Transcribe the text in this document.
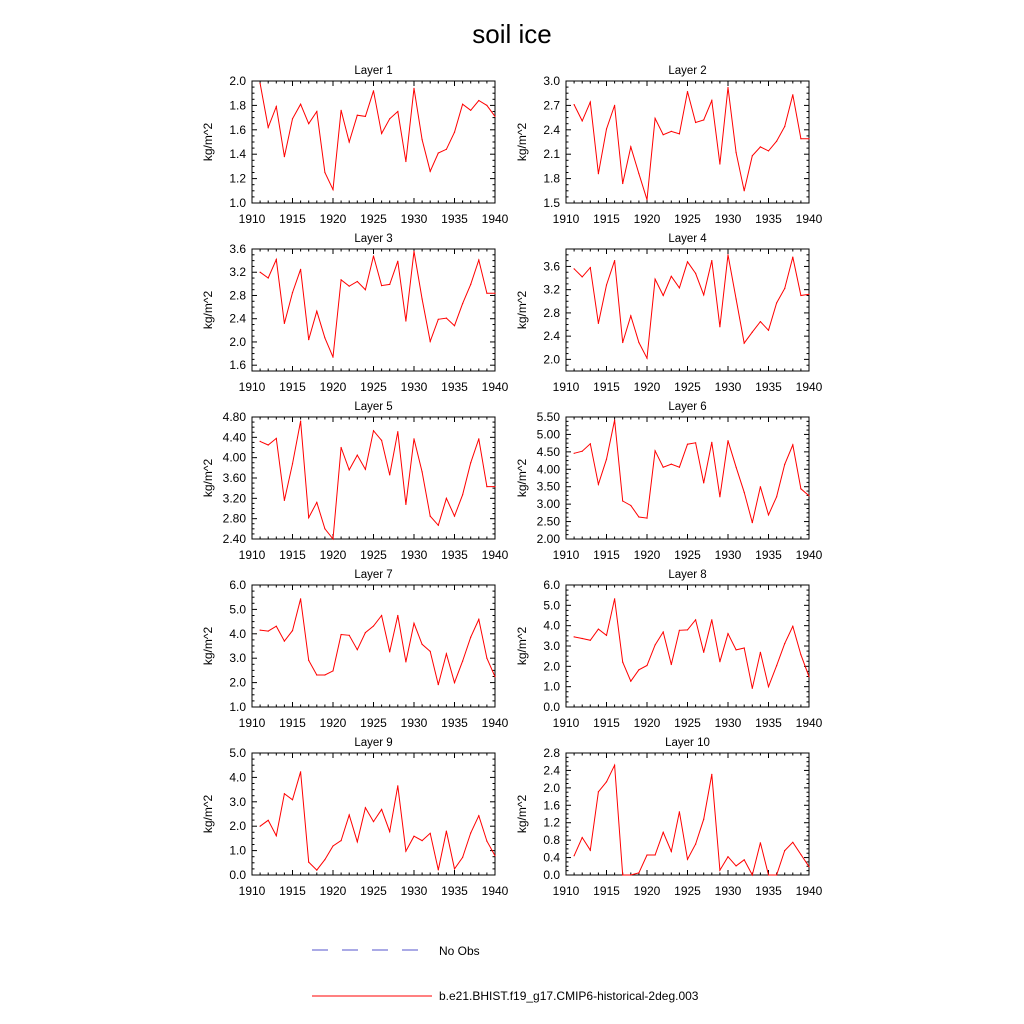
soil ice
Layer 1
1910 1915 1920 1925 1930 1935 1940
1.0
1.2
1.4
1.6
1.8
2.0
kg/m^2
Layer 2
1910 1915 1920 1925 1930 1935 1940
1.5
1.8
2.1
2.4
2.7
3.0
kg/m^2
Layer 3
1910 1915 1920 1925 1930 1935 1940
1.6
2.0
2.4
2.8
3.2
3.6
kg/m^2
Layer 4
1910 1915 1920 1925 1930 1935 1940
2.0
2.4
2.8
3.2
3.6
kg/m^2
Layer 5
1910 1915 1920 1925 1930 1935 1940
2.40
2.80
3.20
3.60
4.00
4.40
4.80
kg/m^2
Layer 6
1910 1915 1920 1925 1930 1935 1940
2.00
2.50
3.00
3.50
4.00
4.50
5.00
5.50
kg/m^2
Layer 7
1910 1915 1920 1925 1930 1935 1940
1.0
2.0
3.0
4.0
5.0
6.0
kg/m^2
Layer 8
1910 1915 1920 1925 1930 1935 1940
0.0
1.0
2.0
3.0
4.0
5.0
6.0
kg/m^2
Layer 9
1910 1915 1920 1925 1930 1935 1940
0.0
1.0
2.0
3.0
4.0
5.0
kg/m^2
Layer 10
1910 1915 1920 1925 1930 1935 1940
0.0
0.4
0.8
1.2
1.6
2.0
2.4
2.8
kg/m^2
No Obs
b.e21.BHIST.f19_g17.CMIP6-historical-2deg.003
